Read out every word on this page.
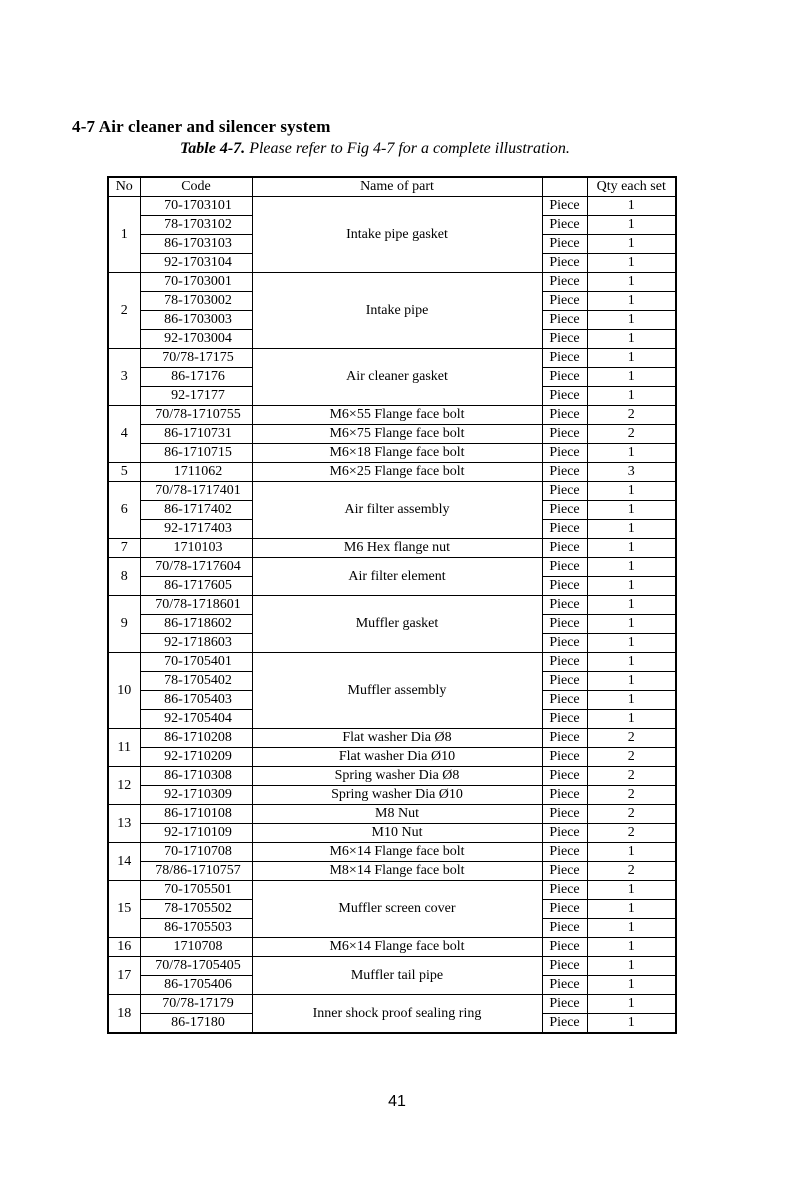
4-7 Air cleaner and silencer system
Table 4-7. Please refer to Fig 4-7 for a complete illustration.
No	Code	Name of part		Qty each set
1	70-1703101	Intake pipe gasket	Piece	1
	78-1703102		Piece	1
	86-1703103		Piece	1
	92-1703104		Piece	1
2	70-1703001	Intake pipe	Piece	1
	78-1703002		Piece	1
	86-1703003		Piece	1
	92-1703004		Piece	1
3	70/78-17175	Air cleaner gasket	Piece	1
	86-17176		Piece	1
	92-17177		Piece	1
4	70/78-1710755	M6×55 Flange face bolt	Piece	2
	86-1710731	M6×75 Flange face bolt	Piece	2
	86-1710715	M6×18 Flange face bolt	Piece	1
5	1711062	M6×25 Flange face bolt	Piece	3
6	70/78-1717401	Air filter assembly	Piece	1
	86-1717402		Piece	1
	92-1717403		Piece	1
7	1710103	M6 Hex flange nut	Piece	1
8	70/78-1717604	Air filter element	Piece	1
	86-1717605		Piece	1
9	70/78-1718601	Muffler gasket	Piece	1
	86-1718602		Piece	1
	92-1718603		Piece	1
10	70-1705401	Muffler assembly	Piece	1
	78-1705402		Piece	1
	86-1705403		Piece	1
	92-1705404		Piece	1
11	86-1710208	Flat washer Dia Ø8	Piece	2
	92-1710209	Flat washer Dia Ø10	Piece	2
12	86-1710308	Spring washer Dia Ø8	Piece	2
	92-1710309	Spring washer Dia Ø10	Piece	2
13	86-1710108	M8 Nut	Piece	2
	92-1710109	M10 Nut	Piece	2
14	70-1710708	M6×14 Flange face bolt	Piece	1
	78/86-1710757	M8×14 Flange face bolt	Piece	2
15	70-1705501	Muffler screen cover	Piece	1
	78-1705502		Piece	1
	86-1705503		Piece	1
16	1710708	M6×14 Flange face bolt	Piece	1
17	70/78-1705405	Muffler tail pipe	Piece	1
	86-1705406		Piece	1
18	70/78-17179	Inner shock proof sealing ring	Piece	1
	86-17180		Piece	1
41
